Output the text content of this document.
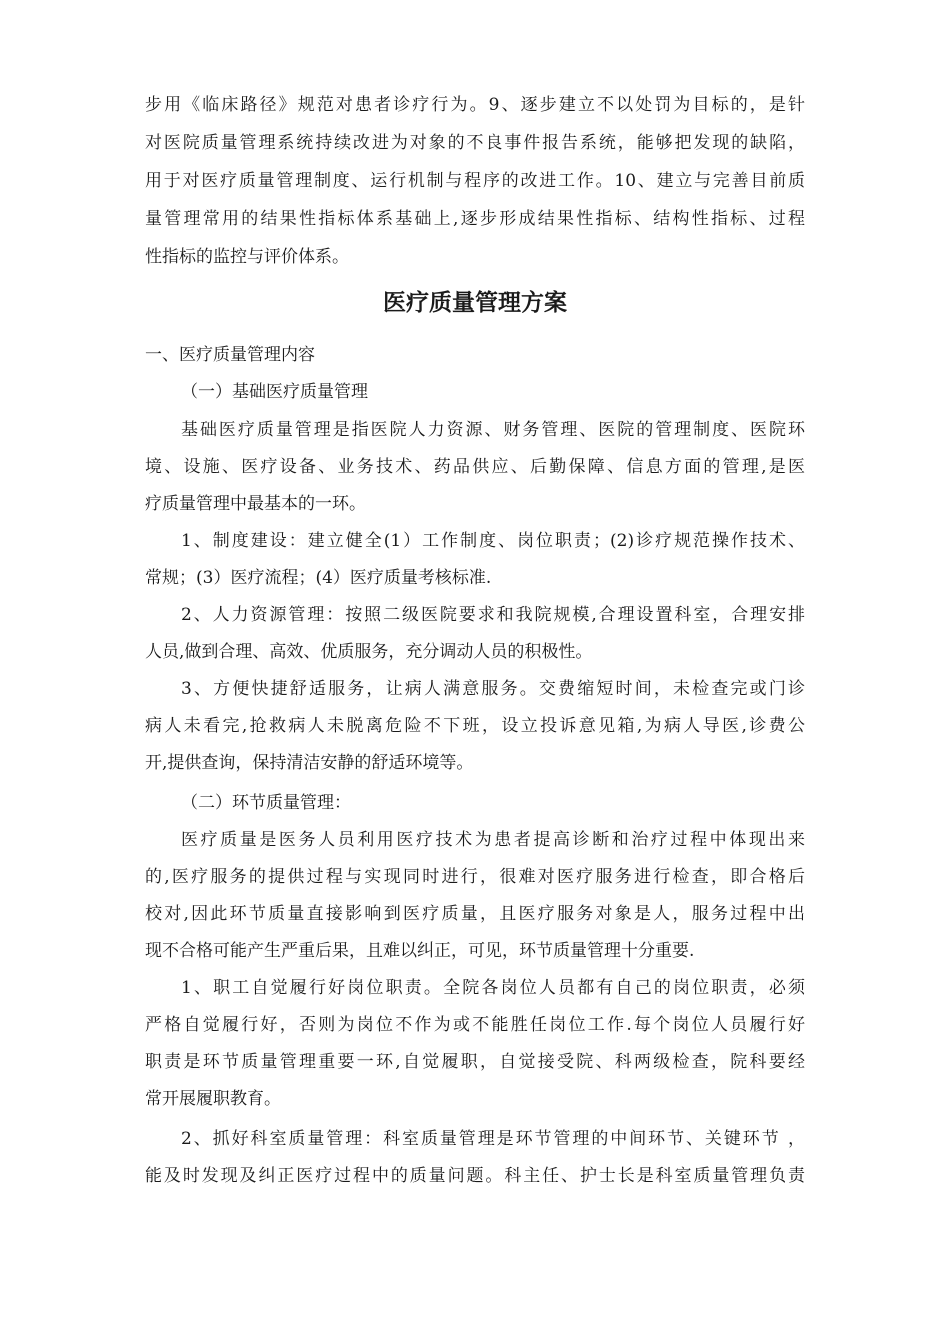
步用《临床路径》规范对患者诊疗行为。9、逐步建立不以处罚为目标的，是针
对医院质量管理系统持续改进为对象的不良事件报告系统，能够把发现的缺陷，
用于对医疗质量管理制度、运行机制与程序的改进工作。10、建立与完善目前质
量管理常用的结果性指标体系基础上,逐步形成结果性指标、结构性指标、过程
性指标的监控与评价体系。
医疗质量管理方案
一、医疗质量管理内容
（一）基础医疗质量管理
基础医疗质量管理是指医院人力资源、财务管理、医院的管理制度、医院环
境、设施、医疗设备、业务技术、药品供应、后勤保障、信息方面的管理,是医
疗质量管理中最基本的一环。
1、制度建设：建立健全(1）工作制度、岗位职责；(2)诊疗规范操作技术、
常规；(3）医疗流程；(4）医疗质量考核标准.
2、人力资源管理：按照二级医院要求和我院规模,合理设置科室，合理安排
人员,做到合理、高效、优质服务，充分调动人员的积极性。
3、方便快捷舒适服务，让病人满意服务。交费缩短时间，未检查完或门诊
病人未看完,抢救病人未脱离危险不下班，设立投诉意见箱,为病人导医,诊费公
开,提供查询，保持清洁安静的舒适环境等。
（二）环节质量管理：
医疗质量是医务人员利用医疗技术为患者提高诊断和治疗过程中体现出来
的,医疗服务的提供过程与实现同时进行，很难对医疗服务进行检查，即合格后
校对,因此环节质量直接影响到医疗质量，且医疗服务对象是人，服务过程中出
现不合格可能产生严重后果，且难以纠正，可见，环节质量管理十分重要.
1、职工自觉履行好岗位职责。全院各岗位人员都有自己的岗位职责，必须
严格自觉履行好，否则为岗位不作为或不能胜任岗位工作.每个岗位人员履行好
职责是环节质量管理重要一环,自觉履职，自觉接受院、科两级检查，院科要经
常开展履职教育。
2、抓好科室质量管理：科室质量管理是环节管理的中间环节、关键环节 ，
能及时发现及纠正医疗过程中的质量问题。科主任、护士长是科室质量管理负责
